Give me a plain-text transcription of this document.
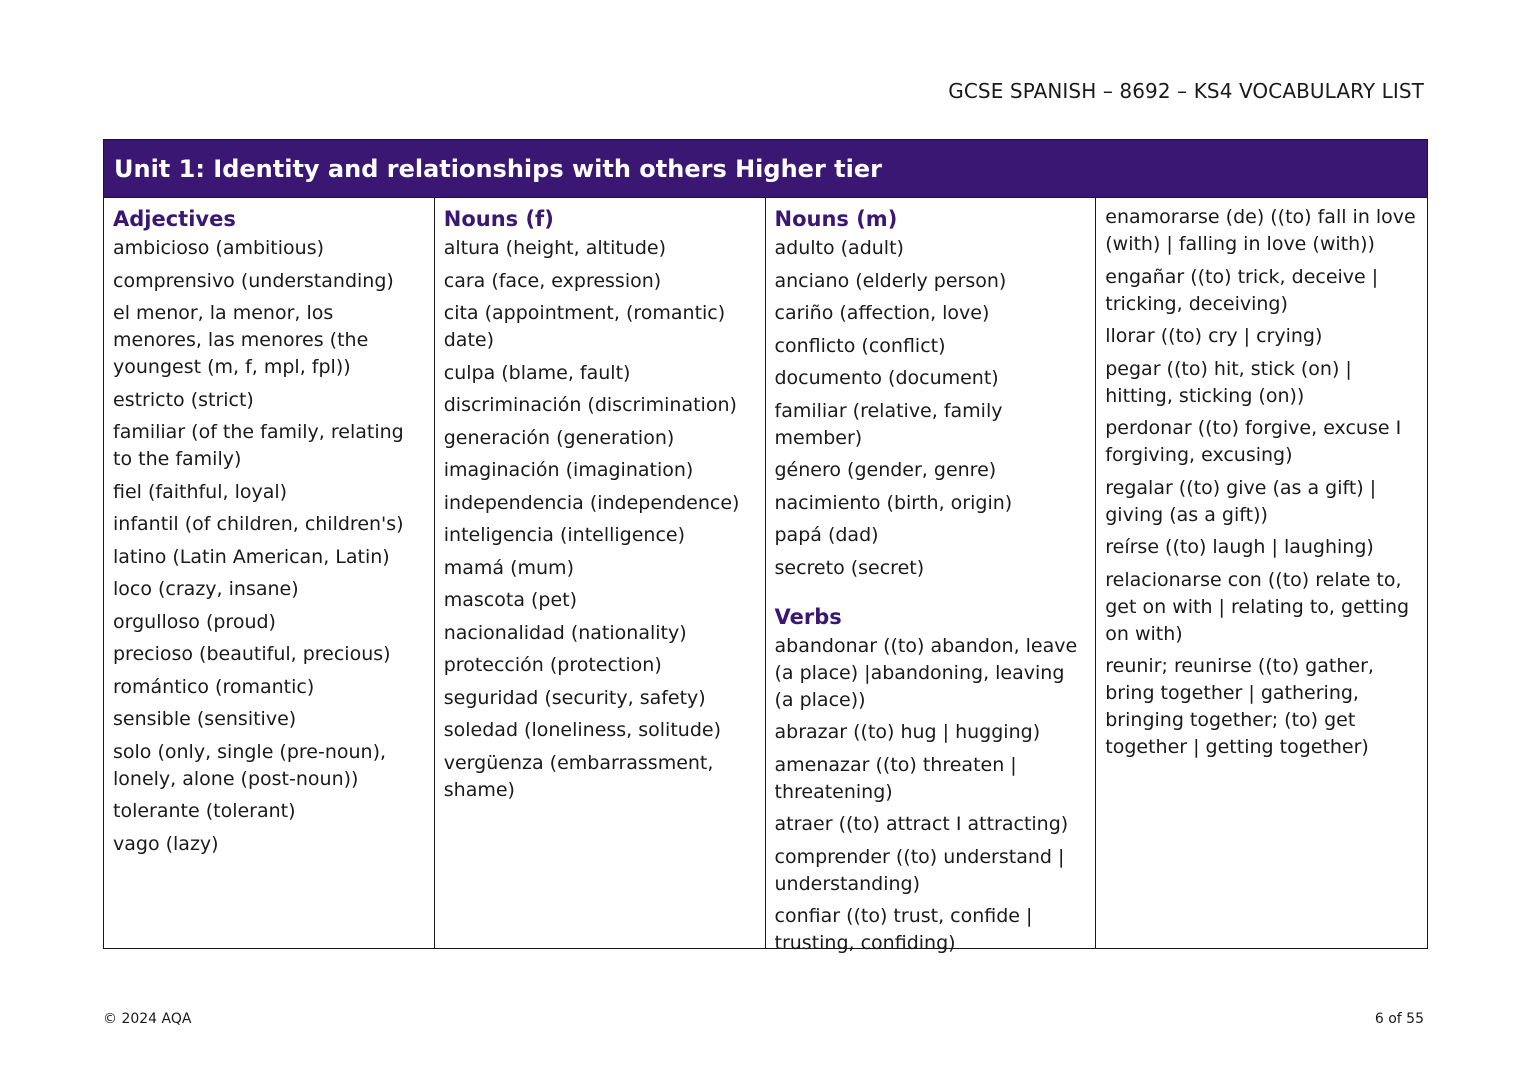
GCSE SPANISH – 8692 – KS4 VOCABULARY LIST
Unit 1: Identity and relationships with others Higher tier
Adjectives
ambicioso (ambitious)
comprensivo (understanding)
el menor, la menor, los menores, las menores (the youngest (m, f, mpl, fpl))
estricto (strict)
familiar (of the family, relating to the family)
fiel (faithful, loyal)
infantil (of children, children's)
latino (Latin American, Latin)
loco (crazy, insane)
orgulloso (proud)
precioso (beautiful, precious)
romántico (romantic)
sensible (sensitive)
solo (only, single (pre-noun), lonely, alone (post-noun))
tolerante (tolerant)
vago (lazy)
Nouns (f)
altura (height, altitude)
cara (face, expression)
cita (appointment, (romantic) date)
culpa (blame, fault)
discriminación (discrimination)
generación (generation)
imaginación (imagination)
independencia (independence)
inteligencia (intelligence)
mamá (mum)
mascota (pet)
nacionalidad (nationality)
protección (protection)
seguridad (security, safety)
soledad (loneliness, solitude)
vergüenza (embarrassment, shame)
Nouns (m)
adulto (adult)
anciano (elderly person)
cariño (affection, love)
conflicto (conflict)
documento (document)
familiar (relative, family member)
género (gender, genre)
nacimiento (birth, origin)
papá (dad)
secreto (secret)
Verbs
abandonar ((to) abandon, leave (a place) |abandoning, leaving (a place))
abrazar ((to) hug | hugging)
amenazar ((to) threaten | threatening)
atraer ((to) attract I attracting)
comprender ((to) understand | understanding)
confiar ((to) trust, confide | trusting, confiding)
enamorarse (de) ((to) fall in love (with) | falling in love (with))
engañar ((to) trick, deceive | tricking, deceiving)
llorar ((to) cry | crying)
pegar ((to) hit, stick (on) | hitting, sticking (on))
perdonar ((to) forgive, excuse I forgiving, excusing)
regalar ((to) give (as a gift) | giving (as a gift))
reírse ((to) laugh | laughing)
relacionarse con ((to) relate to, get on with | relating to, getting on with)
reunir; reunirse ((to) gather, bring together | gathering, bringing together; (to) get together | getting together)
© 2024 AQA	6 of 55
